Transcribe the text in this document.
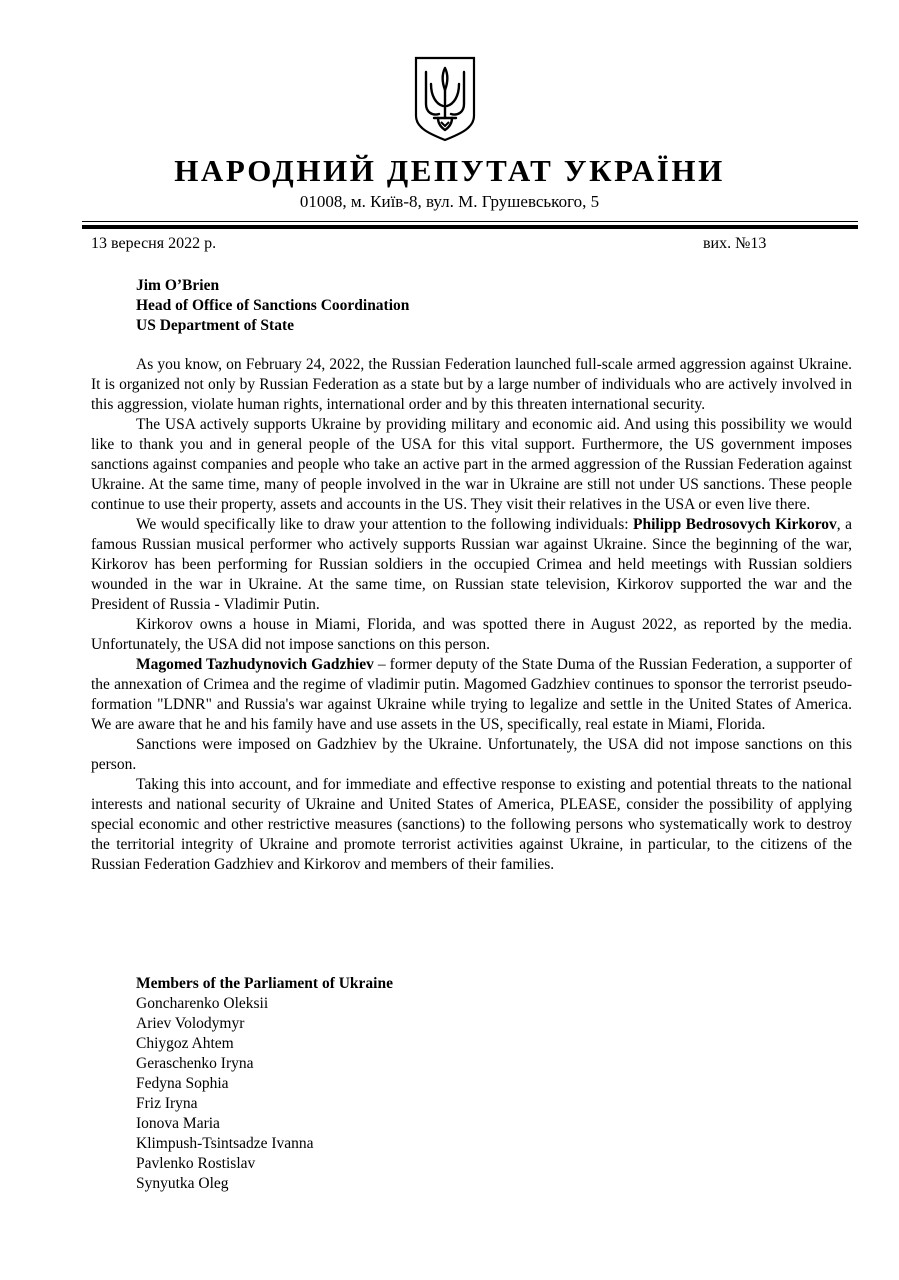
НАРОДНИЙ ДЕПУТАТ УКРАЇНИ
01008, м. Київ-8, вул. М. Грушевського, 5
13 вересня 2022 р.	вих. №13
Jim O’Brien
Head of Office of Sanctions Coordination
US Department of State

As you know, on February 24, 2022, the Russian Federation launched full-scale armed aggression against Ukraine. It is organized not only by Russian Federation as a state but by a large number of individuals who are actively involved in this aggression, violate human rights, international order and by this threaten international security.

The USA actively supports Ukraine by providing military and economic aid. And using this possibility we would like to thank you and in general people of the USA for this vital support. Furthermore, the US government imposes sanctions against companies and people who take an active part in the armed aggression of the Russian Federation against Ukraine. At the same time, many of people involved in the war in Ukraine are still not under US sanctions. These people continue to use their property, assets and accounts in the US. They visit their relatives in the USA or even live there.

We would specifically like to draw your attention to the following individuals: Philipp Bedrosovych Kirkorov, a famous Russian musical performer who actively supports Russian war against Ukraine. Since the beginning of the war, Kirkorov has been performing for Russian soldiers in the occupied Crimea and held meetings with Russian soldiers wounded in the war in Ukraine. At the same time, on Russian state television, Kirkorov supported the war and the President of Russia - Vladimir Putin.

Kirkorov owns a house in Miami, Florida, and was spotted there in August 2022, as reported by the media. Unfortunately, the USA did not impose sanctions on this person.

Magomed Tazhudynovich Gadzhiev – former deputy of the State Duma of the Russian Federation, a supporter of the annexation of Crimea and the regime of vladimir putin. Magomed Gadzhiev continues to sponsor the terrorist pseudo-formation "LDNR" and Russia's war against Ukraine while trying to legalize and settle in the United States of America. We are aware that he and his family have and use assets in the US, specifically, real estate in Miami, Florida.

Sanctions were imposed on Gadzhiev by the Ukraine. Unfortunately, the USA did not impose sanctions on this person.

Taking this into account, and for immediate and effective response to existing and potential threats to the national interests and national security of Ukraine and United States of America, PLEASE, consider the possibility of applying special economic and other restrictive measures (sanctions) to the following persons who systematically work to destroy the territorial integrity of Ukraine and promote terrorist activities against Ukraine, in particular, to the citizens of the Russian Federation Gadzhiev and Kirkorov and members of their families.

Members of the Parliament of Ukraine
Goncharenko Oleksii
Ariev Volodymyr
Chiygoz Ahtem
Geraschenko Iryna
Fedyna Sophia
Friz Iryna
Ionova Maria
Klimpush-Tsintsadze Ivanna
Pavlenko Rostislav
Synyutka Oleg
